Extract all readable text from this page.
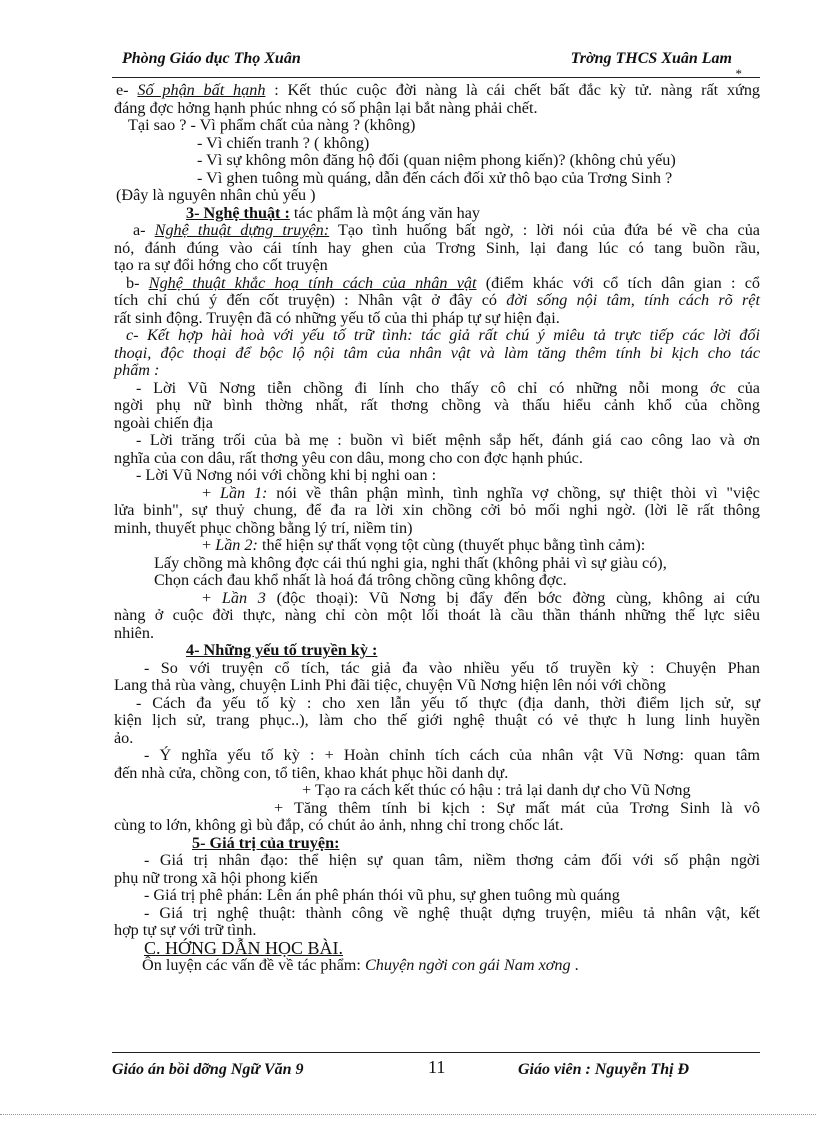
Phòng Giáo dục Thọ Xuân	Trờng THCS Xuân Lam
*
e- Số phận bất hạnh : Kết thúc cuộc đời nàng là cái chết bất đắc kỳ tử. nàng rất xứng
đáng đợc hởng hạnh phúc nhng có số phận lại bắt nàng phải chết.
Tại sao ? - Vì phẩm chất của nàng ? (không)
- Vì chiến tranh ? ( không)
- Vì sự không môn đăng hộ đối (quan niệm phong kiến)? (không chủ yếu)
- Vì ghen tuông mù quáng, dẫn đến cách đối xử thô bạo của Trơng Sinh ?
(Đây là nguyên nhân chủ yếu )
3- Nghệ thuật : tác phẩm là một áng văn hay
a- Nghệ thuật dựng truyện: Tạo tình huống bất ngờ, : lời nói của đứa bé về cha của
nó, đánh đúng vào cái tính hay ghen của Trơng Sinh, lại đang lúc có tang buồn rầu,
tạo ra sự đổi hớng cho cốt truyện
b- Nghệ thuật khắc hoạ tính cách của nhân vật (điểm khác với cổ tích dân gian : cổ
tích chỉ chú ý đến cốt truyện) : Nhân vật ở đây có đời sống nội tâm, tính cách rõ rệt
rất sinh động. Truyện đã có những yếu tố của thi pháp tự sự hiện đại.
c- Kết hợp hài hoà với yếu tố trữ tình: tác giả rất chú ý miêu tả trực tiếp các lời đối
thoại, độc thoại để bộc lộ nội tâm của nhân vật và làm tăng thêm tính bi kịch cho tác
phẩm :
- Lời Vũ Nơng tiễn chồng đi lính cho thấy cô chỉ có những nỗi mong ớc của
ngời phụ nữ bình thờng nhất, rất thơng chồng và thấu hiểu cảnh khổ của chồng
ngoài chiến địa
- Lời trăng trối của bà mẹ : buồn vì biết mệnh sắp hết, đánh giá cao công lao và ơn
nghĩa của con dâu, rất thơng yêu con dâu, mong cho con đợc hạnh phúc.
- Lời Vũ Nơng nói với chồng khi bị nghi oan :
+ Lần 1: nói về thân phận mình, tình nghĩa vợ chồng, sự thiệt thòi vì "việc
lửa binh", sự thuỷ chung, để đa ra lời xin chồng cởi bỏ mối nghi ngờ. (lời lẽ rất thông
minh, thuyết phục chồng bằng lý trí, niềm tin)
+ Lần 2: thể hiện sự thất vọng tột cùng (thuyết phục bằng tình cảm):
Lấy chồng mà không đợc cái thú nghi gia, nghi thất (không phải vì sự giàu có),
Chọn cách đau khổ nhất là hoá đá trông chồng cũng không đợc.
+ Lần 3 (độc thoại): Vũ Nơng bị đẩy đến bớc đờng cùng, không ai cứu
nàng ở cuộc đời thực, nàng chỉ còn một lối thoát là cầu thần thánh những thế lực siêu
nhiên.
4- Những yếu tố truyền kỳ :
- So với truyện cổ tích, tác giả đa vào nhiều yếu tố truyền kỳ : Chuyện Phan
Lang thả rùa vàng, chuyện Linh Phi đãi tiệc, chuyện Vũ Nơng hiện lên nói với chồng
- Cách đa yếu tố kỳ : cho xen lẫn yếu tố thực (địa danh, thời điểm lịch sử, sự
kiện lịch sử, trang phục..), làm cho thế giới nghệ thuật có vẻ thực h lung linh huyền
ảo.
- Ý nghĩa yếu tố kỳ : + Hoàn chỉnh tích cách của nhân vật Vũ Nơng: quan tâm
đến nhà cửa, chồng con, tổ tiên, khao khát phục hồi danh dự.
+ Tạo ra cách kết thúc có hậu : trả lại danh dự cho Vũ Nơng
+ Tăng thêm tính bi kịch : Sự mất mát của Trơng Sinh là vô
cùng to lớn, không gì bù đắp, có chút ảo ảnh, nhng chỉ trong chốc lát.
5- Giá trị của truyện:
- Giá trị nhân đạo: thể hiện sự quan tâm, niềm thơng cảm đối với số phận ngời
phụ nữ trong xã hội phong kiến
- Giá trị phê phán: Lên án phê phán thói vũ phu, sự ghen tuông mù quáng
- Giá trị nghệ thuật: thành công về nghệ thuật dựng truyện, miêu tả nhân vật, kết
hợp tự sự với trữ tình.
C. HỚNG DẪN HỌC BÀI.
Ôn luyện các vấn đề về tác phẩm: Chuyện ngời con gái Nam xơng .
Giáo án bồi dỡng Ngữ Văn 9	11	Giáo viên : Nguyễn Thị Đ
